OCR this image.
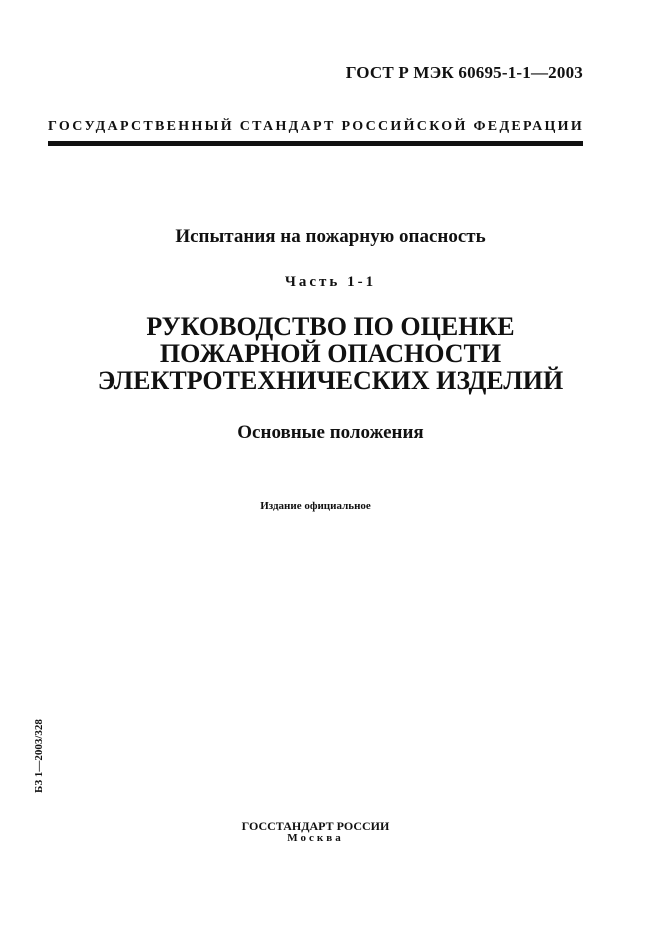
ГОСТ Р МЭК 60695-1-1—2003
ГОСУДАРСТВЕННЫЙ СТАНДАРТ РОССИЙСКОЙ ФЕДЕРАЦИИ
Испытания на пожарную опасность
Часть 1-1
РУКОВОДСТВО ПО ОЦЕНКЕ
ПОЖАРНОЙ ОПАСНОСТИ
ЭЛЕКТРОТЕХНИЧЕСКИХ ИЗДЕЛИЙ
Основные положения
Издание официальное
БЗ 1—2003/328
ГОССТАНДАРТ РОССИИ
Москва
